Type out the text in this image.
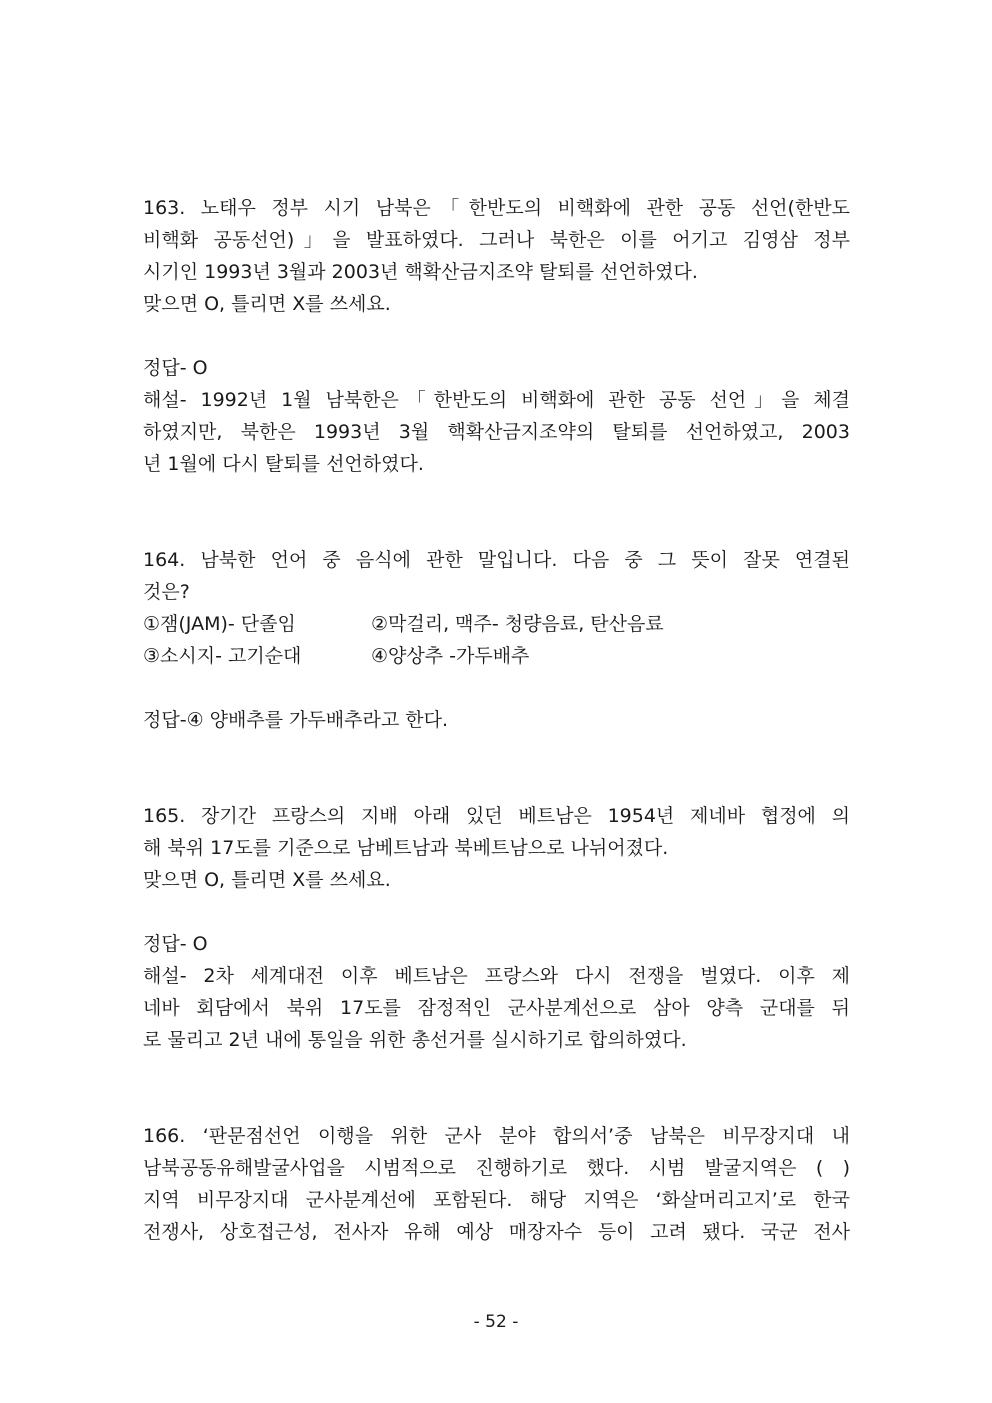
163. 노태우 정부 시기 남북은「한반도의 비핵화에 관한 공동 선언(한반도
비핵화 공동선언)」을 발표하였다. 그러나 북한은 이를 어기고 김영삼 정부
시기인 1993년 3월과 2003년 핵확산금지조약 탈퇴를 선언하였다.
맞으면 O, 틀리면 X를 쓰세요.
정답- O
해설- 1992년 1월 남북한은「한반도의 비핵화에 관한 공동 선언」을 체결
하였지만, 북한은 1993년 3월 핵확산금지조약의 탈퇴를 선언하였고, 2003
년 1월에 다시 탈퇴를 선언하였다.
164. 남북한 언어 중 음식에 관한 말입니다. 다음 중 그 뜻이 잘못 연결된
것은?
①잼(JAM)- 단졸임	②막걸리, 맥주- 청량음료, 탄산음료
③소시지- 고기순대	④양상추 -가두배추
정답-④ 양배추를 가두배추라고 한다.
165. 장기간 프랑스의 지배 아래 있던 베트남은 1954년 제네바 협정에 의
해 북위 17도를 기준으로 남베트남과 북베트남으로 나뉘어졌다.
맞으면 O, 틀리면 X를 쓰세요.
정답- O
해설- 2차 세계대전 이후 베트남은 프랑스와 다시 전쟁을 벌였다. 이후 제
네바 회담에서 북위 17도를 잠정적인 군사분계선으로 삼아 양측 군대를 뒤
로 물리고 2년 내에 통일을 위한 총선거를 실시하기로 합의하였다.
166. ‘판문점선언 이행을 위한 군사 분야 합의서’중 남북은 비무장지대 내
남북공동유해발굴사업을 시범적으로 진행하기로 했다. 시범 발굴지역은 ( )
지역 비무장지대 군사분계선에 포함된다. 해당 지역은 ‘화살머리고지’로 한국
전쟁사, 상호접근성, 전사자 유해 예상 매장자수 등이 고려 됐다. 국군 전사
- 52 -
